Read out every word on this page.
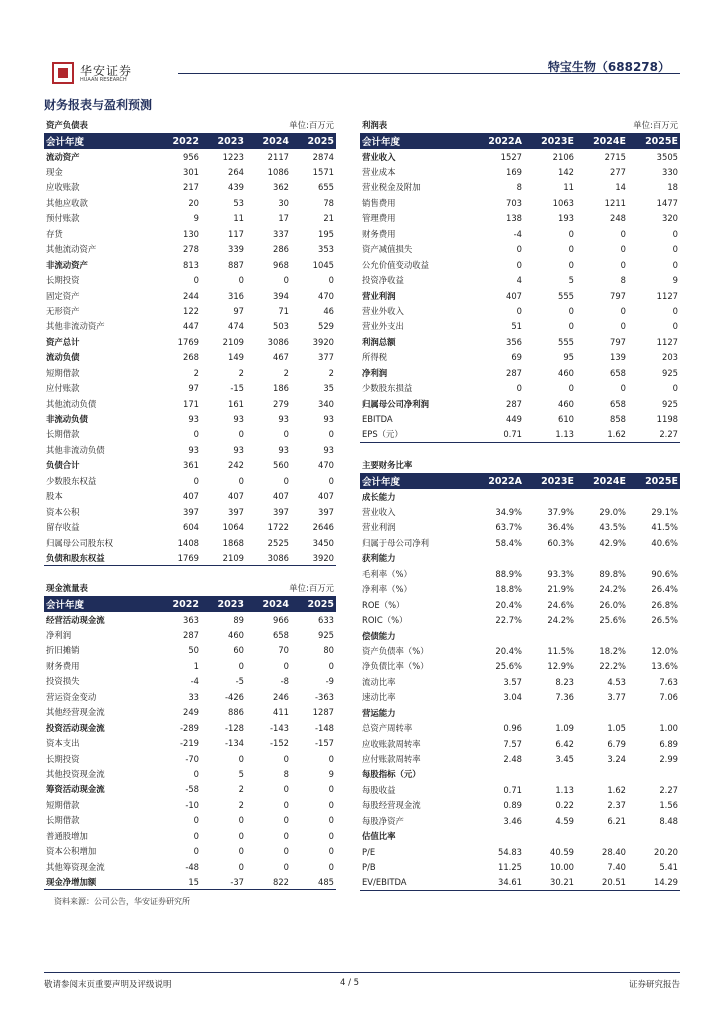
华安证券
HUAAN RESEARCH
特宝生物（688278）
财务报表与盈利预测
资产负债表			单位:百万元	
会计年度	2022	2023	2024	2025
流动资产	956	1223	2117	2874
现金	301	264	1086	1571
应收账款	217	439	362	655
其他应收款	20	53	30	78
预付账款	9	11	17	21
存货	130	117	337	195
其他流动资产	278	339	286	353
非流动资产	813	887	968	1045
长期投资	0	0	0	0
固定资产	244	316	394	470
无形资产	122	97	71	46
其他非流动资产	447	474	503	529
资产总计	1769	2109	3086	3920
流动负债	268	149	467	377
短期借款	2	2	2	2
应付账款	97	-15	186	35
其他流动负债	171	161	279	340
非流动负债	93	93	93	93
长期借款	0	0	0	0
其他非流动负债	93	93	93	93
负债合计	361	242	560	470
少数股东权益	0	0	0	0
股本	407	407	407	407
资本公积	397	397	397	397
留存收益	604	1064	1722	2646
归属母公司股东权	1408	1868	2525	3450
负债和股东权益	1769	2109	3086	3920
现金流量表			单位:百万元	
会计年度	2022	2023	2024	2025
经营活动现金流	363	89	966	633
净利润	287	460	658	925
折旧摊销	50	60	70	80
财务费用	1	0	0	0
投资损失	-4	-5	-8	-9
营运资金变动	33	-426	246	-363
其他经营现金流	249	886	411	1287
投资活动现金流	-289	-128	-143	-148
资本支出	-219	-134	-152	-157
长期投资	-70	0	0	0
其他投资现金流	0	5	8	9
筹资活动现金流	-58	2	0	0
短期借款	-10	2	0	0
长期借款	0	0	0	0
普通股增加	0	0	0	0
资本公积增加	0	0	0	0
其他筹资现金流	-48	0	0	0
现金净增加额	15	-37	822	485
利润表			单位:百万元	
会计年度	2022A	2023E	2024E	2025E
营业收入	1527	2106	2715	3505
营业成本	169	142	277	330
营业税金及附加	8	11	14	18
销售费用	703	1063	1211	1477
管理费用	138	193	248	320
财务费用	-4	0	0	0
资产减值损失	0	0	0	0
公允价值变动收益	0	0	0	0
投资净收益	4	5	8	9
营业利润	407	555	797	1127
营业外收入	0	0	0	0
营业外支出	51	0	0	0
利润总额	356	555	797	1127
所得税	69	95	139	203
净利润	287	460	658	925
少数股东损益	0	0	0	0
归属母公司净利润	287	460	658	925
EBITDA	449	610	858	1198
EPS（元）	0.71	1.13	1.62	2.27
主要财务比率				
会计年度	2022A	2023E	2024E	2025E
成长能力				
营业收入	34.9%	37.9%	29.0%	29.1%
营业利润	63.7%	36.4%	43.5%	41.5%
归属于母公司净利	58.4%	60.3%	42.9%	40.6%
获利能力				
毛利率（%）	88.9%	93.3%	89.8%	90.6%
净利率（%）	18.8%	21.9%	24.2%	26.4%
ROE（%）	20.4%	24.6%	26.0%	26.8%
ROIC（%）	22.7%	24.2%	25.6%	26.5%
偿债能力				
资产负债率（%）	20.4%	11.5%	18.2%	12.0%
净负债比率（%）	25.6%	12.9%	22.2%	13.6%
流动比率	3.57	8.23	4.53	7.63
速动比率	3.04	7.36	3.77	7.06
营运能力				
总资产周转率	0.96	1.09	1.05	1.00
应收账款周转率	7.57	6.42	6.79	6.89
应付账款周转率	2.48	3.45	3.24	2.99
每股指标（元）				
每股收益	0.71	1.13	1.62	2.27
每股经营现金流	0.89	0.22	2.37	1.56
每股净资产	3.46	4.59	6.21	8.48
估值比率				
P/E	54.83	40.59	28.40	20.20
P/B	11.25	10.00	7.40	5.41
EV/EBITDA	34.61	30.21	20.51	14.29
资料来源：公司公告，华安证券研究所
敬请参阅末页重要声明及评级说明	4 / 5	证券研究报告
